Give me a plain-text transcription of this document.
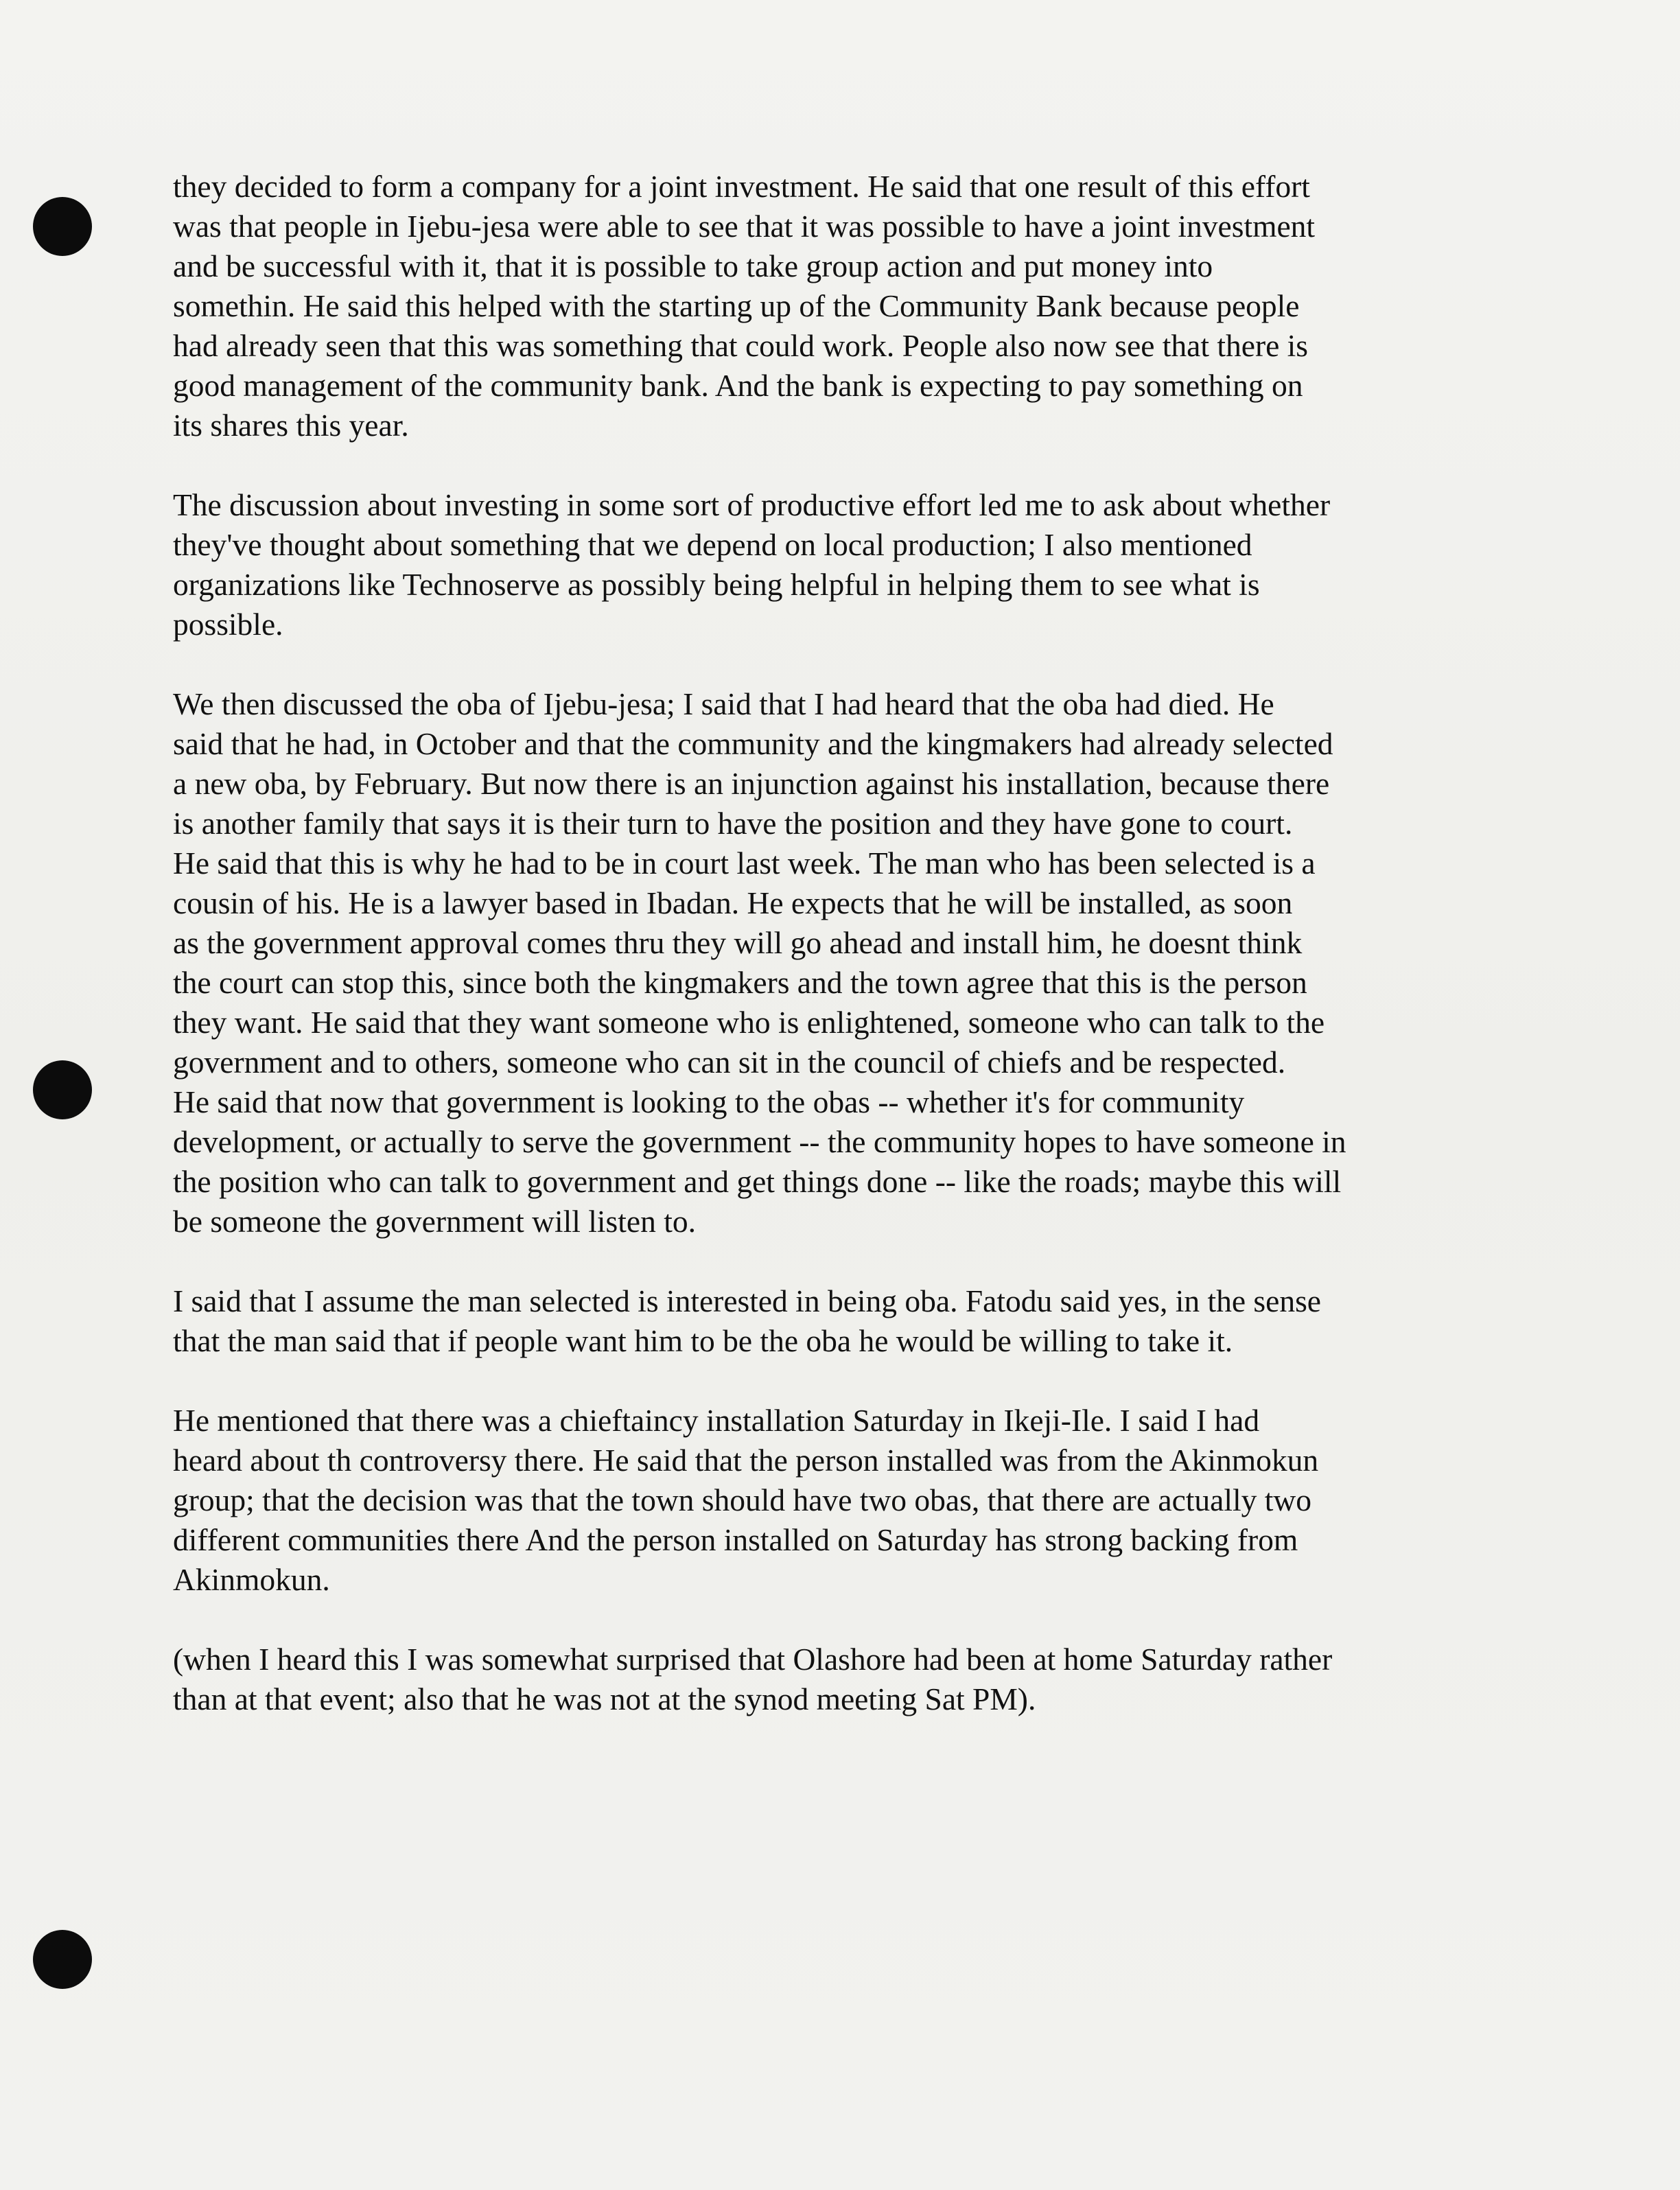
they decided to form a company for a joint investment. He said that one result of this effort
was that people in Ijebu-jesa were able to see that it was possible to have a joint investment
and be successful with it, that it is possible to take group action and put money into
somethin. He said this helped with the starting up of the Community Bank because people
had already seen that this was something that could work. People also now see that there is
good management of the community bank. And the bank is expecting to pay something on
its shares this year.

The discussion about investing in some sort of productive effort led me to ask about whether
they've thought about something that we depend on local production; I also mentioned
organizations like Technoserve as possibly being helpful in helping them to see what is
possible.

We then discussed the oba of Ijebu-jesa; I said that I had heard that the oba had died. He
said that he had, in October and that the community and the kingmakers had already selected
a new oba, by February. But now there is an injunction against his installation, because there
is another family that says it is their turn to have the position and they have gone to court.
He said that this is why he had to be in court last week. The man who has been selected is a
cousin of his. He is a lawyer based in Ibadan. He expects that he will be installed, as soon
as the government approval comes thru they will go ahead and install him, he doesnt think
the court can stop this, since both the kingmakers and the town agree that this is the person
they want. He said that they want someone who is enlightened, someone who can talk to the
government and to others, someone who can sit in the council of chiefs and be respected.
He said that now that government is looking to the obas -- whether it's for community
development, or actually to serve the government -- the community hopes to have someone in
the position who can talk to government and get things done -- like the roads; maybe this will
be someone the government will listen to.

I said that I assume the man selected is interested in being oba. Fatodu said yes, in the sense
that the man said that if people want him to be the oba he would be willing to take it.

He mentioned that there was a chieftaincy installation Saturday in Ikeji-Ile. I said I had
heard about th controversy there. He said that the person installed was from the Akinmokun
group; that the decision was that the town should have two obas, that there are actually two
different communities there And the person installed on Saturday has strong backing from
Akinmokun.

(when I heard this I was somewhat surprised that Olashore had been at home Saturday rather
than at that event; also that he was not at the synod meeting Sat PM).
